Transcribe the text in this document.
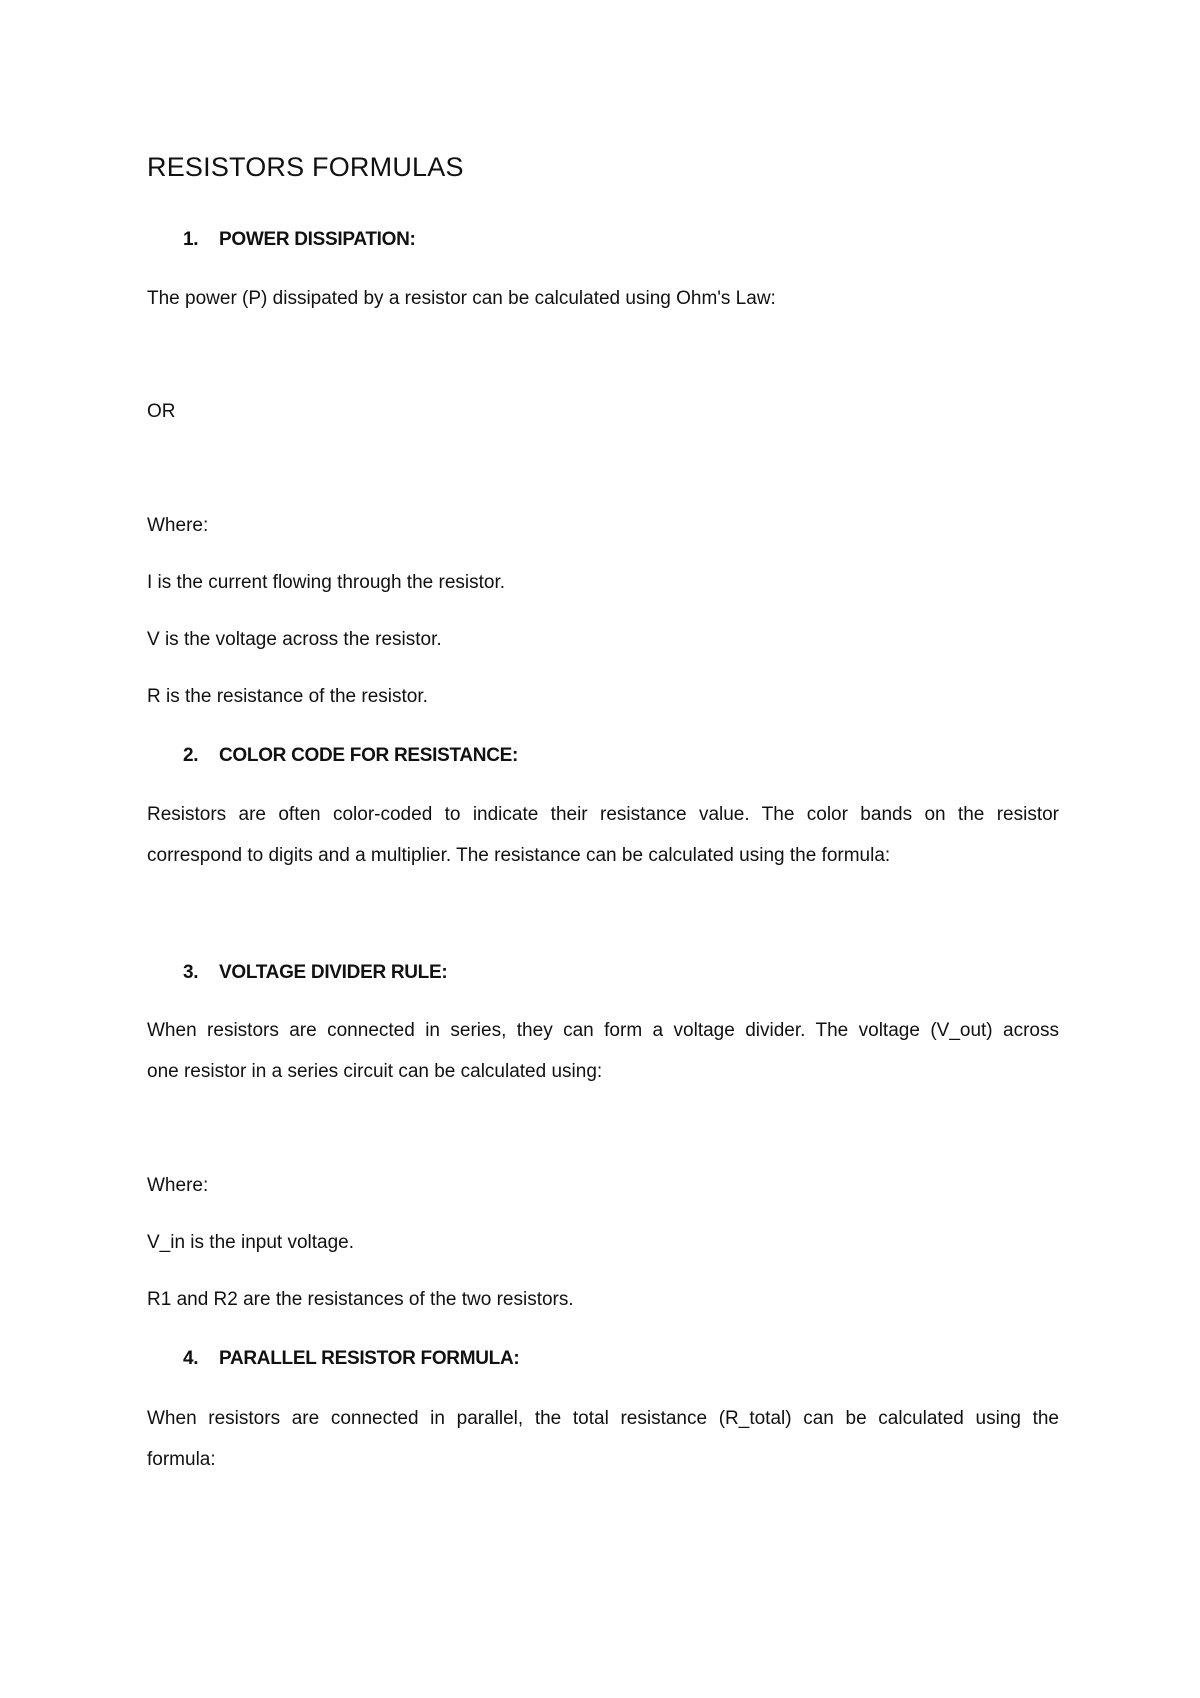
RESISTORS FORMULAS
1. POWER DISSIPATION:
The power (P) dissipated by a resistor can be calculated using Ohm's Law:
OR
Where:
I is the current flowing through the resistor.
V is the voltage across the resistor.
R is the resistance of the resistor.
2. COLOR CODE FOR RESISTANCE:
Resistors are often color-coded to indicate their resistance value. The color bands on the resistor
correspond to digits and a multiplier. The resistance can be calculated using the formula:
3. VOLTAGE DIVIDER RULE:
When resistors are connected in series, they can form a voltage divider. The voltage (V_out) across
one resistor in a series circuit can be calculated using:
Where:
V_in is the input voltage.
R1 and R2 are the resistances of the two resistors.
4. PARALLEL RESISTOR FORMULA:
When resistors are connected in parallel, the total resistance (R_total) can be calculated using the
formula:
